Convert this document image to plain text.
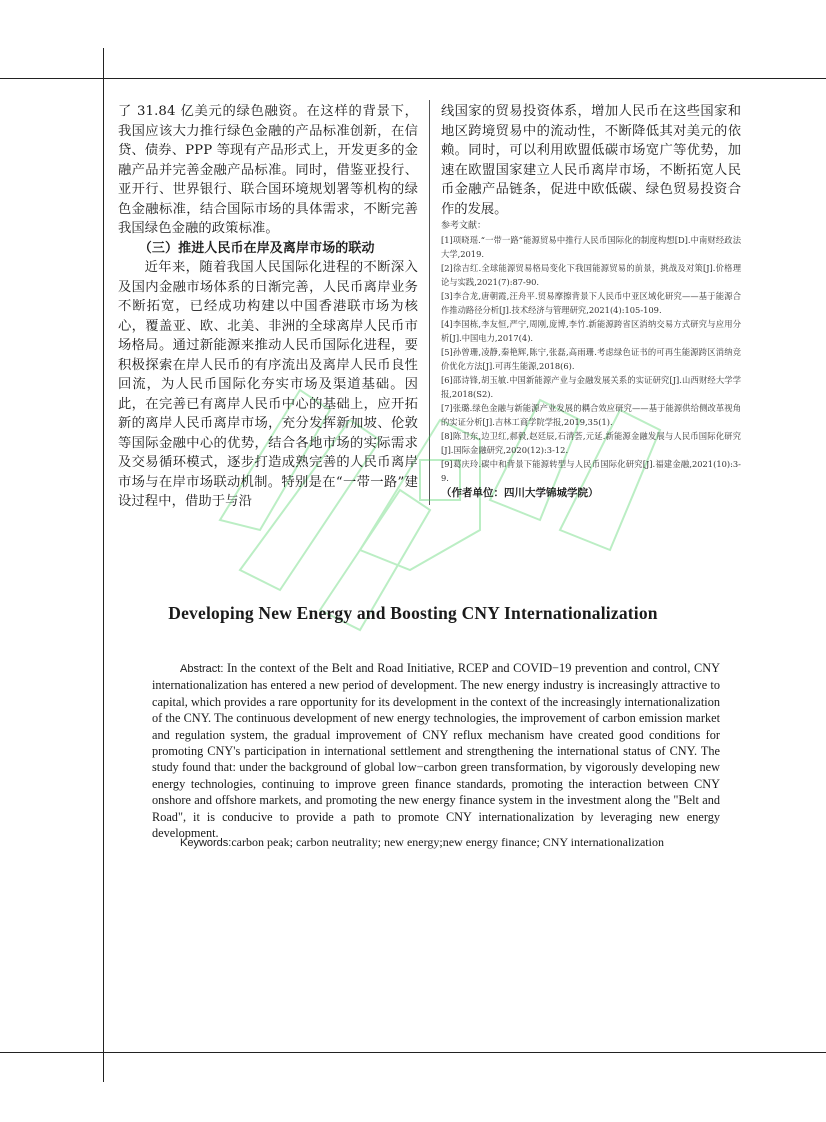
了 31.84 亿美元的绿色融资。在这样的背景下，我国应该大力推行绿色金融的产品标准创新，在信贷、债券、PPP 等现有产品形式上，开发更多的金融产品并完善金融产品标准。同时，借鉴亚投行、亚开行、世界银行、联合国环境规划署等机构的绿色金融标准，结合国际市场的具体需求，不断完善我国绿色金融的政策标准。

（三）推进人民币在岸及离岸市场的联动

近年来，随着我国人民国际化进程的不断深入及国内金融市场体系的日渐完善，人民币离岸业务不断拓宽，已经成功构建以中国香港联市场为核心，覆盖亚、欧、北美、非洲的全球离岸人民币市场格局。通过新能源来推动人民币国际化进程，要积极探索在岸人民币的有序流出及离岸人民币良性回流，为人民币国际化夯实市场及渠道基础。因此，在完善已有离岸人民币中心的基础上，应开拓新的离岸人民币离岸市场，充分发挥新加坡、伦敦等国际金融中心的优势，结合各地市场的实际需求及交易循环模式，逐步打造成熟完善的人民币离岸市场与在岸市场联动机制。特别是在“一带一路”建设过程中，借助于与沿

线国家的贸易投资体系，增加人民币在这些国家和地区跨境贸易中的流动性，不断降低其对美元的依赖。同时，可以利用欧盟低碳市场宽广等优势，加速在欧盟国家建立人民币离岸市场，不断拓宽人民币金融产品链条，促进中欧低碳、绿色贸易投资合作的发展。

参考文献：

[1]项晓瑶.“一带一路”能源贸易中推行人民币国际化的制度构想[D].中南财经政法大学,2019.
[2]徐吉红.全球能源贸易格局变化下我国能源贸易的前景，挑战及对策[J].价格理论与实践,2021(7):87-90.
[3]李合龙,唐朝霞,汪舟平.贸易摩擦背景下人民币中亚区域化研究——基于能源合作推动路径分析[J].技术经济与管理研究,2021(4):105-109.
[4]李国栋,李友恒,严宁,周刚,庞博,李竹.新能源跨省区消纳交易方式研究与应用分析[J].中国电力,2017(4).
[5]孙曾珊,凌静,秦艳辉,陈宁,张磊,高雨珊.考虑绿色证书的可再生能源跨区消纳竞价优化方法[J].可再生能源,2018(6).
[6]邵诗锋,胡玉敏.中国新能源产业与金融发展关系的实证研究[J].山西财经大学学报,2018(S2).
[7]张璐.绿色金融与新能源产业发展的耦合效应研究——基于能源供给侧改革视角的实证分析[J].吉林工商学院学报,2019,35(1).
[8]陈卫东,边卫红,郝毅,赵廷辰,石清荟,元延.新能源金融发展与人民币国际化研究[J].国际金融研究,2020(12):3-12.
[9]葛庆玲.碳中和背景下能源转型与人民币国际化研究[J].福建金融,2021(10):3-9.

（作者单位：四川大学锦城学院）

Developing New Energy and Boosting CNY Internationalization

Abstract: In the context of the Belt and Road Initiative, RCEP and COVID−19 prevention and control, CNY internationalization has entered a new period of development. The new energy industry is increasingly attractive to capital, which provides a rare opportunity for its development in the context of the increasingly internationalization of the CNY. The continuous development of new energy technologies, the improvement of carbon emission market and regulation system, the gradual improvement of CNY reflux mechanism have created good conditions for promoting CNY's participation in international settlement and strengthening the international status of CNY. The study found that: under the background of global low−carbon green transformation, by vigorously developing new energy technologies, continuing to improve green finance standards, promoting the interaction between CNY onshore and offshore markets, and promoting the new energy finance system in the investment along the "Belt and Road", it is conducive to provide a path to promote CNY internationalization by leveraging new energy development.

Keywords:carbon peak; carbon neutrality; new energy;new energy finance; CNY internationalization
